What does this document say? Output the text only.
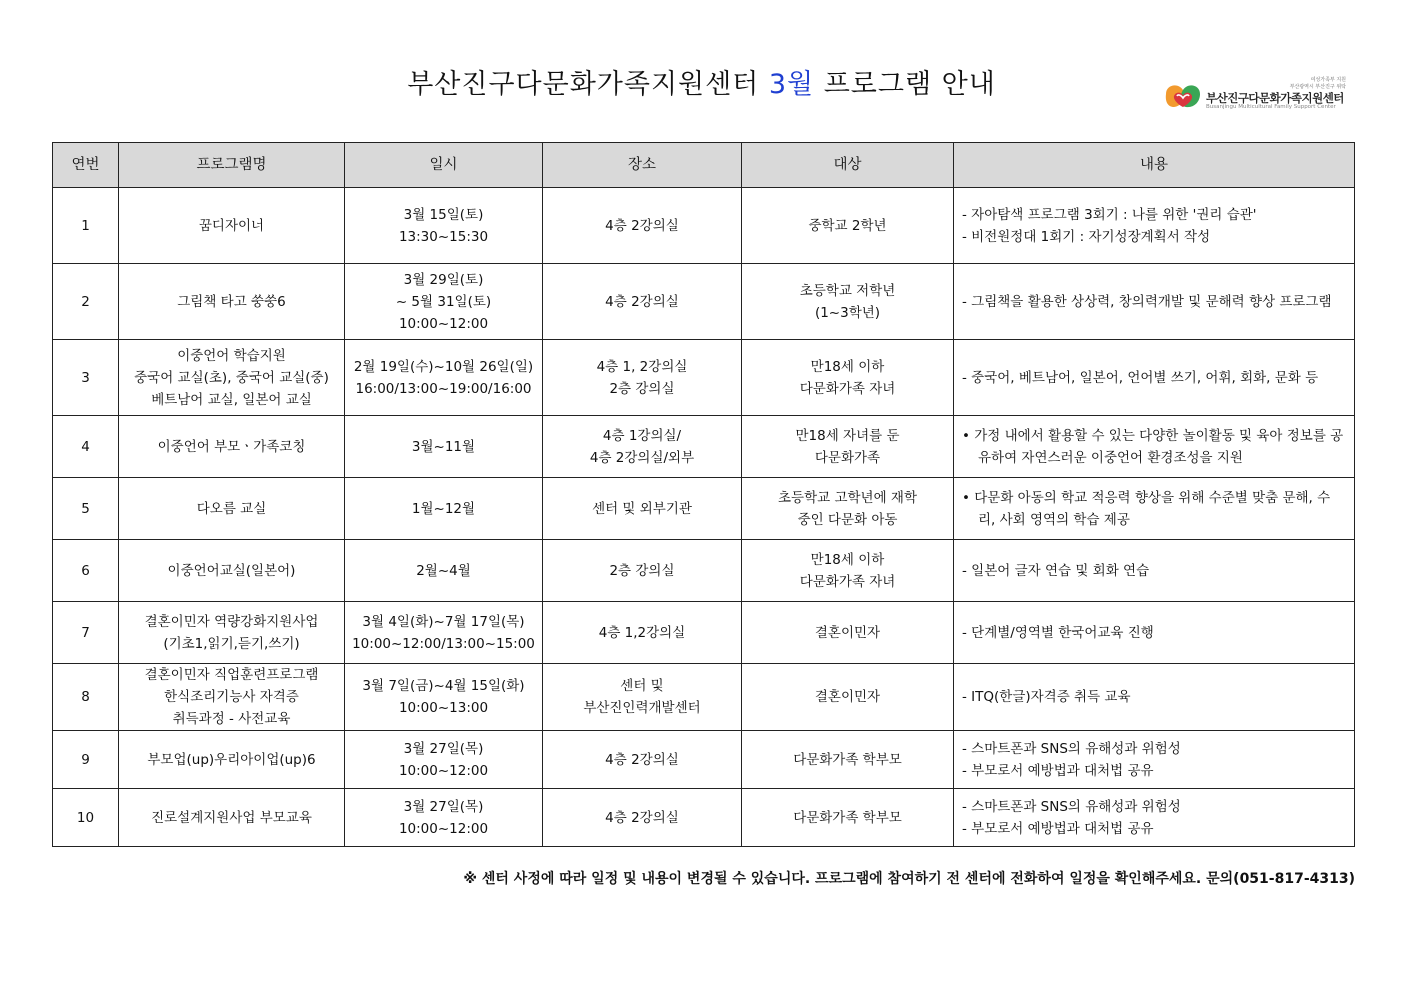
부산진구다문화가족지원센터 3월 프로그램 안내	여성가족부 지원
부산광역시 부산진구 위탁
부산진구다문화가족지원센터
Busanjingu Multicultural Family Support Center
연번	프로그램명	일시	장소	대상	내용
1	꿈디자이너	3월 15일(토)
13:30~15:30	4층 2강의실	중학교 2학년	- 자아탐색 프로그램 3회기 : 나를 위한 '권리 습관'
- 비전원정대 1회기 : 자기성장계획서 작성

2	그림책 타고 쑹쑹6	3월 29일(토)
~ 5월 31일(토)
10:00~12:00	4층 2강의실	초등학교 저학년
(1~3학년)	- 그림책을 활용한 상상력, 창의력개발 및 문해력 향상 프로그램

3	이중언어 학습지원
중국어 교실(초), 중국어 교실(중)
베트남어 교실, 일본어 교실	2월 19일(수)~10월 26일(일)
16:00/13:00~19:00/16:00	4층 1, 2강의실
2층 강의실	만18세 이하
다문화가족 자녀	- 중국어, 베트남어, 일본어, 언어별 쓰기, 어휘, 회화, 문화 등

4	이중언어 부모ㆍ가족코칭	3월~11월	4층 1강의실/
4층 2강의실/외부	만18세 자녀를 둔
다문화가족	• 가정 내에서 활용할 수 있는 다양한 놀이활동 및 육아 정보를 공유하여 자연스러운 이중언어 환경조성을 지원

5	다오름 교실	1월~12월	센터 및 외부기관	초등학교 고학년에 재학
중인 다문화 아동	• 다문화 아동의 학교 적응력 향상을 위해 수준별 맞춤 문해, 수리, 사회 영역의 학습 제공

6	이중언어교실(일본어)	2월~4월	2층 강의실	만18세 이하
다문화가족 자녀	- 일본어 글자 연습 및 회화 연습

7	결혼이민자 역량강화지원사업
(기초1,읽기,듣기,쓰기)	3월 4일(화)~7월 17일(목)
10:00~12:00/13:00~15:00	4층 1,2강의실	결혼이민자	- 단계별/영역별 한국어교육 진행

8	결혼이민자 직업훈련프로그램
한식조리기능사 자격증
취득과정 - 사전교육	3월 7일(금)~4월 15일(화)
10:00~13:00	센터 및
부산진인력개발센터	결혼이민자	- ITQ(한글)자격증 취득 교육

9	부모업(up)우리아이업(up)6	3월 27일(목)
10:00~12:00	4층 2강의실	다문화가족 학부모	- 스마트폰과 SNS의 유해성과 위험성
- 부모로서 예방법과 대처법 공유

10	진로설계지원사업 부모교육	3월 27일(목)
10:00~12:00	4층 2강의실	다문화가족 학부모	- 스마트폰과 SNS의 유해성과 위험성
- 부모로서 예방법과 대처법 공유
※ 센터 사정에 따라 일정 및 내용이 변경될 수 있습니다. 프로그램에 참여하기 전 센터에 전화하여 일정을 확인해주세요. 문의(051-817-4313)
